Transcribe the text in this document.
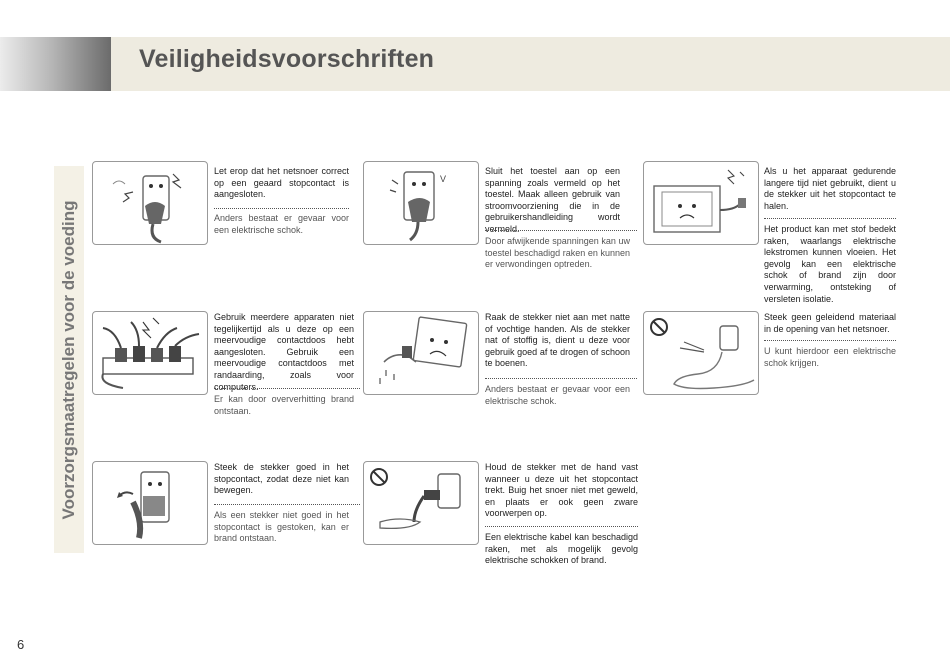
Veiligheidsvoorschriften
Voorzorgsmaatregelen voor de voeding
Let erop dat het netsnoer correct op een geaard stopcontact is aangesloten.
Anders bestaat er gevaar voor een elektrische schok.
V
Sluit het toestel aan op een spanning zoals vermeld op het toestel. Maak alleen gebruik van stroomvoorziening die in de gebruikershandleiding wordt vermeld.
Door afwijkende spanningen kan uw toestel beschadigd raken en kunnen er verwondingen optreden.
Als u het apparaat gedurende langere tijd niet gebruikt, dient u de stekker uit het stopcontact te halen.
Het product kan met stof bedekt raken, waarlangs elektrische lekstromen kunnen vloeien. Het gevolg kan een elektrische schok of brand zijn door verwarming, ontsteking of versleten isolatie.
Gebruik meerdere apparaten niet tegelijkertijd als u deze op een meervoudige contactdoos hebt aangesloten. Gebruik een meervoudige contactdoos met randaarding, zoals voor computers.
Er kan door oververhitting brand ontstaan.
Raak de stekker niet aan met natte of vochtige handen. Als de stekker nat of stoffig is, dient u deze voor gebruik goed af te drogen of schoon te boenen.
Anders bestaat er gevaar voor een elektrische schok.
Steek geen geleidend materiaal in de opening van het netsnoer.
U kunt hierdoor een elektrische schok krijgen.
Steek de stekker goed in het stopcontact, zodat deze niet kan bewegen.
Als een stekker niet goed in het stopcontact is gestoken, kan er brand ontstaan.
Houd de stekker met de hand vast wanneer u deze uit het stopcontact trekt. Buig het snoer niet met geweld, en plaats er ook geen zware voorwerpen op.
Een elektrische kabel kan beschadigd raken, met als mogelijk gevolg elektrische schokken of brand.
6
